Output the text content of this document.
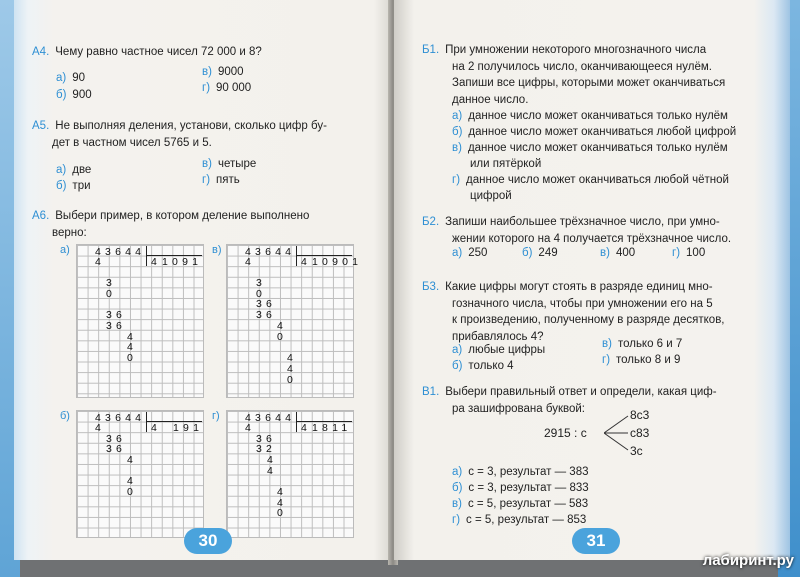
А4. Чему равно частное чисел 72 000 и 8?
а) 90
б) 900
в) 9000
г) 90 000
А5. Не выполняя деления, установи, сколько цифр бу-
дет в частном чисел 5765 и 5.
а) две
б) три
в) четыре
г) пять
А6. Выбери пример, в котором деление выполнено
верно:
а) 43644
4 1091
4
3
0
36
36
4
4
0
в) 43644
4 10901
4
3
0
36
36
4
0
4
4
0
б) 43644
4 191
4
36
36
4
4
0
г) 43644
4 1811
4
36
32
4
4
4
4
0
30
Б1. При умножении некоторого многозначного числа
на 2 получилось число, оканчивающееся нулём.
Запиши все цифры, которыми может оканчиваться
данное число.
а) данное число может оканчиваться только нулём
б) данное число может оканчиваться любой цифрой
в) данное число может оканчиваться только нулём
или пятёркой
г) данное число может оканчиваться любой чётной
цифрой
Б2. Запиши наибольшее трёхзначное число, при умно-
жении которого на 4 получается трёхзначное число.
а) 250	б) 249	в) 400	г) 100
Б3. Какие цифры могут стоять в разряде единиц мно-
гозначного числа, чтобы при умножении его на 5
к произведению, полученному в разряде десятков,
прибавлялось 4?
а) любые цифры
б) только 4
в) только 6 и 7
г) только 8 и 9
В1. Выбери правильный ответ и определи, какая циф-
ра зашифрована буквой:
2915 : с
8с3
с83
3с
а) с = 3, результат — 383
б) с = 3, результат — 833
в) с = 5, результат — 583
г) с = 5, результат — 853
31
лабиринт.ру
